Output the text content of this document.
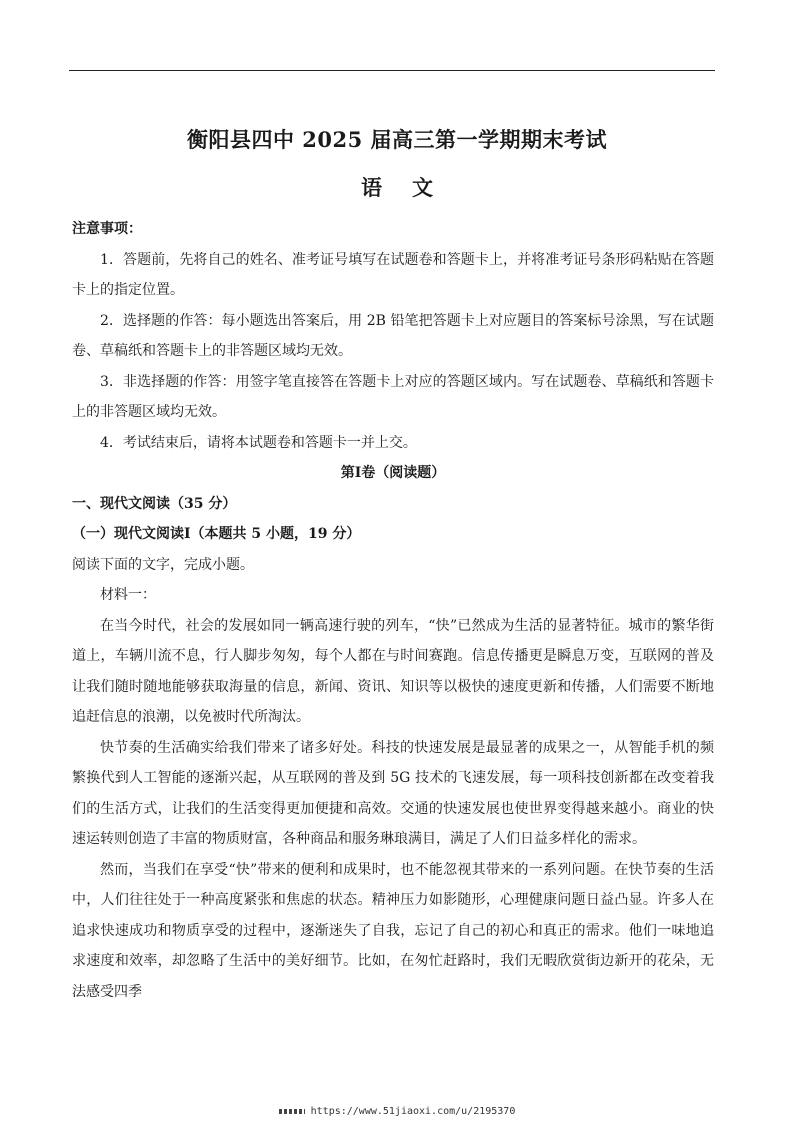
衡阳县四中 2025 届高三第一学期期末考试
语文

注意事项：

1．答题前，先将自己的姓名、准考证号填写在试题卷和答题卡上，并将准考证号条形码粘贴在答题卡上的指定位置。

2．选择题的作答：每小题选出答案后，用 2B 铅笔把答题卡上对应题目的答案标号涂黑，写在试题卷、草稿纸和答题卡上的非答题区域均无效。

3．非选择题的作答：用签字笔直接答在答题卡上对应的答题区域内。写在试题卷、草稿纸和答题卡上的非答题区域均无效。

4．考试结束后，请将本试题卷和答题卡一并上交。

第Ⅰ卷（阅读题）

一、现代文阅读（35 分）

（一）现代文阅读Ⅰ（本题共 5 小题，19 分）

阅读下面的文字，完成小题。

材料一：

在当今时代，社会的发展如同一辆高速行驶的列车，“快”已然成为生活的显著特征。城市的繁华街道上，车辆川流不息，行人脚步匆匆，每个人都在与时间赛跑。信息传播更是瞬息万变，互联网的普及让我们随时随地能够获取海量的信息，新闻、资讯、知识等以极快的速度更新和传播，人们需要不断地追赶信息的浪潮，以免被时代所淘汰。

快节奏的生活确实给我们带来了诸多好处。科技的快速发展是最显著的成果之一，从智能手机的频繁换代到人工智能的逐渐兴起，从互联网的普及到 5G 技术的飞速发展，每一项科技创新都在改变着我们的生活方式，让我们的生活变得更加便捷和高效。交通的快速发展也使世界变得越来越小。商业的快速运转则创造了丰富的物质财富，各种商品和服务琳琅满目，满足了人们日益多样化的需求。

然而，当我们在享受“快”带来的便利和成果时，也不能忽视其带来的一系列问题。在快节奏的生活中，人们往往处于一种高度紧张和焦虑的状态。精神压力如影随形，心理健康问题日益凸显。许多人在追求快速成功和物质享受的过程中，逐渐迷失了自我，忘记了自己的初心和真正的需求。他们一味地追求速度和效率，却忽略了生活中的美好细节。比如，在匆忙赶路时，我们无暇欣赏街边新开的花朵，无法感受四季

https://www.51jiaoxi.com/u/2195370
